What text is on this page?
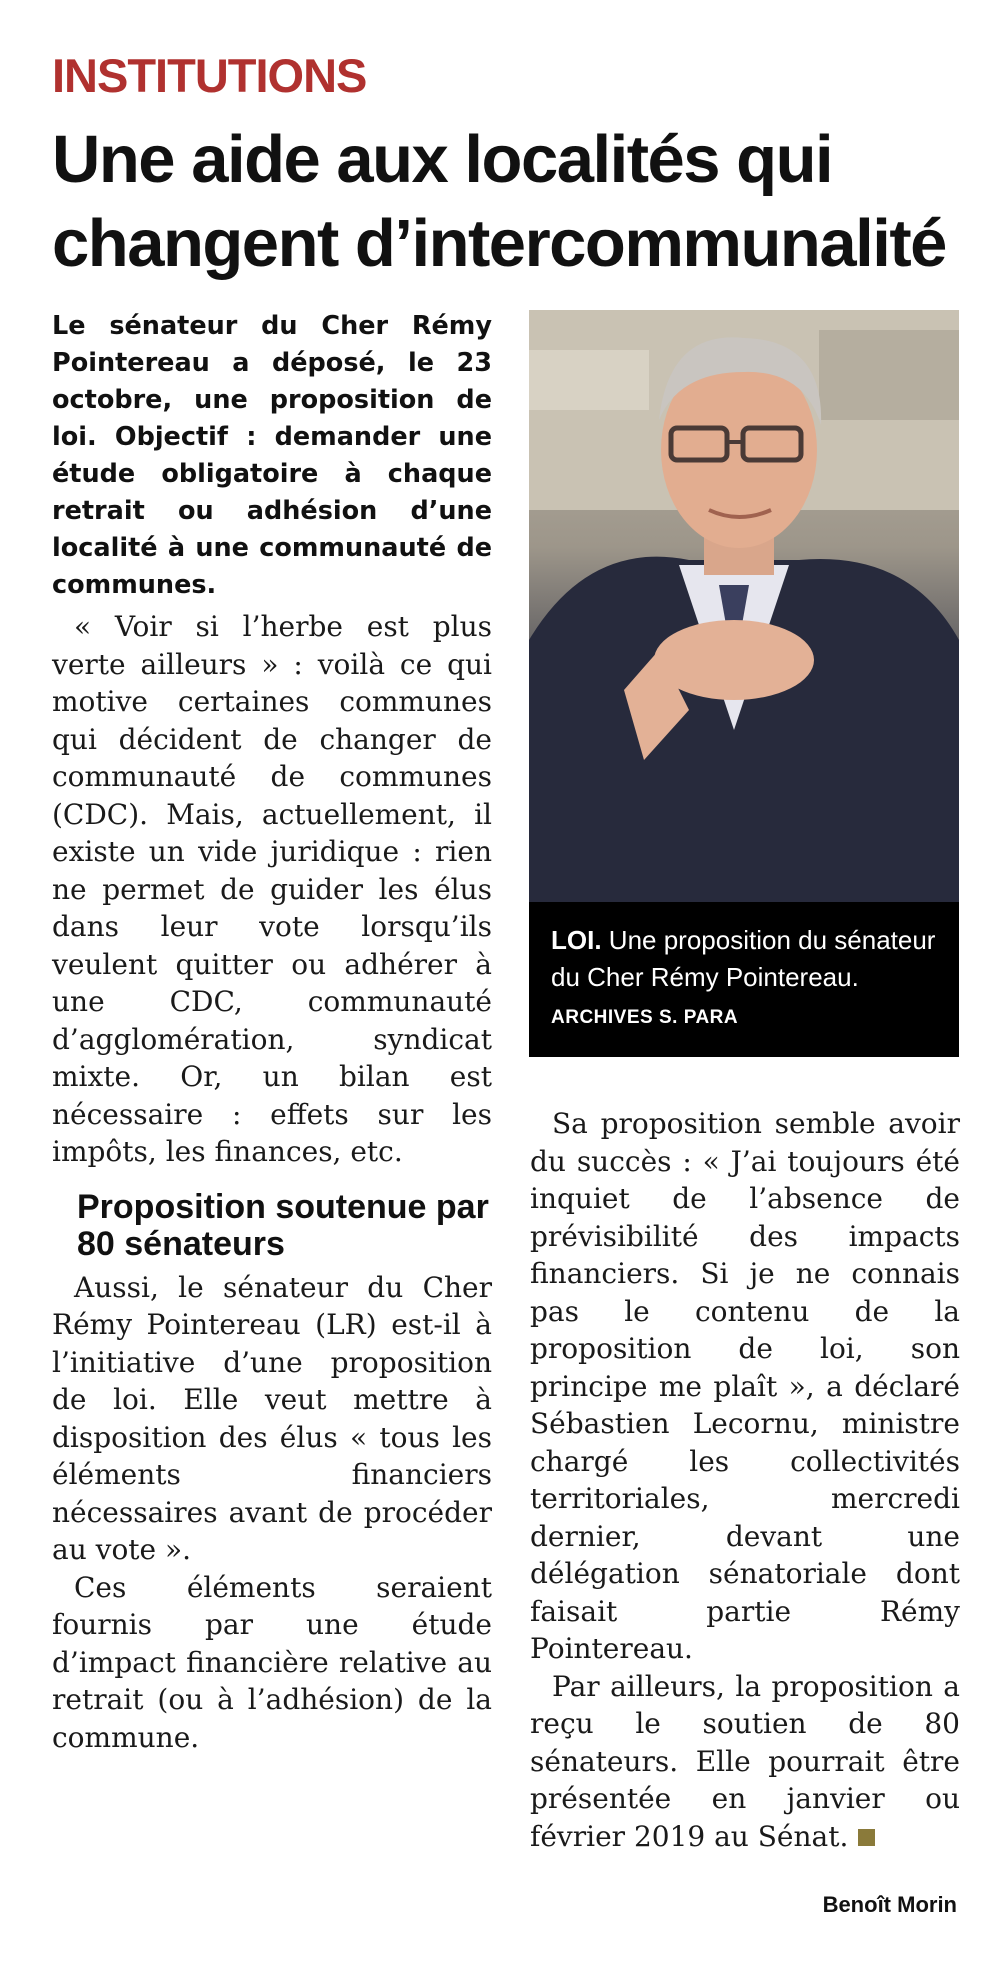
INSTITUTIONS
Une aide aux localités qui changent d’intercommunalité

Le sénateur du Cher Rémy Pointereau a déposé, le 23 octobre, une proposition de loi. Objectif : demander une étude obligatoire à chaque retrait ou adhésion d’une localité à une communauté de communes.

« Voir si l’herbe est plus verte ailleurs » : voilà ce qui motive certaines communes qui décident de changer de communauté de communes (CDC). Mais, actuellement, il existe un vide juridique : rien ne permet de guider les élus dans leur vote lorsqu’ils veulent quitter ou adhérer à une CDC, communauté d’agglomération, syndicat mixte. Or, un bilan est nécessaire : effets sur les impôts, les finances, etc.

Proposition soutenue par 80 sénateurs

Aussi, le sénateur du Cher Rémy Pointereau (LR) est-il à l’initiative d’une proposition de loi. Elle veut mettre à disposition des élus « tous les éléments financiers nécessaires avant de procéder au vote ».

Ces éléments seraient fournis par une étude d’impact financière relative au retrait (ou à l’adhésion) de la commune.

LOI. Une proposition du sénateur du Cher Rémy Pointereau. ARCHIVES S. PARA

Sa proposition semble avoir du succès : « J’ai toujours été inquiet de l’absence de prévisibilité des impacts financiers. Si je ne connais pas le contenu de la proposition de loi, son principe me plaît », a déclaré Sébastien Lecornu, ministre chargé les collectivités territoriales, mercredi dernier, devant une délégation sénatoriale dont faisait partie Rémy Pointereau.

Par ailleurs, la proposition a reçu le soutien de 80 sénateurs. Elle pourrait être présentée en janvier ou février 2019 au Sénat.

Benoît Morin
